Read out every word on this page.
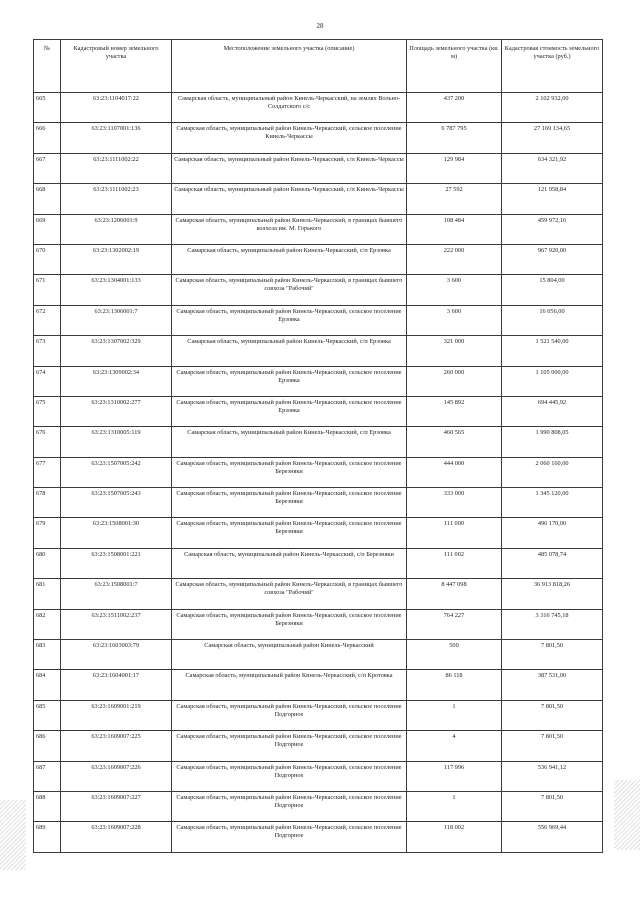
28
№	Кадастровый номер земельного участка	Местоположение земельного участка (описание)	Площадь земельного участка (кв. м)	Кадастровая стоимость земельного участка (руб.)
665	63:23:1104017:22	Самарская область, муниципальный район Кинель-Черкасский, на землях Вольно-Солдатского с/с	437 200	2 102 932,00
666	63:23:1107001:136	Самарская область, муниципальный район Кинель-Черкасский, сельское поселение Кинель-Черкассы	6 787 795	27 169 134,65
667	63:23:1111002:22	Самарская область, муниципальный район Кинель-Черкасский, с/п Кинель-Черкассы	129 984	634 321,92
668	63:23:1111002:23	Самарская область, муниципальный район Кинель-Черкасский, с/п Кинель-Черкассы	27 592	121 958,84
669	63:23:1206001:9	Самарская область, муниципальный район Кинель-Черкасский, в границах бывшего колхоза им. М. Горького	108 484	459 972,16
670	63:23:1302002:19	Самарская область, муниципальный район Кинель-Черкасский, с/п Ерзовка	222 000	967 920,00
671	63:23:1304001:133	Самарская область, муниципальный район Кинель-Черкасский, в границах бывшего совхоза "Рабочий"	3 600	15 804,00
672	63:23:1306001:7	Самарская область, муниципальный район Кинель-Черкасский, сельское поселение Ерзовка	3 600	16 056,00
673	63:23:1307002:329	Самарская область, муниципальный район Кинель-Черкасский, с/п Ерзовка	321 000	1 521 540,00
674	63:23:1309002:34	Самарская область, муниципальный район Кинель-Черкасский, сельское поселение Ерзовка	260 000	1 105 000,00
675	63:23:1310002:277	Самарская область, муниципальный район Кинель-Черкасский, сельское поселение Ерзовка	145 892	694 445,92
676	63:23:1310005:119	Самарская область, муниципальный район Кинель-Черкасский, с/п Ерзовка	460 565	1 990 808,05
677	63:23:1507005:242	Самарская область, муниципальный район Кинель-Черкасский, сельское поселение Березняки	444 000	2 060 160,00
678	63:23:1507005:243	Самарская область, муниципальный район Кинель-Черкасский, сельское поселение Березняки	333 000	1 345 120,00
679	63:23:1508001:30	Самарская область, муниципальный район Кинель-Черкасский, сельское поселение Березняки	111 000	496 170,00
680	63:23:1508001:221	Самарская область, муниципальный район Кинель-Черкасский, с/п Березняки	111 002	485 078,74
681	63:23:1508001:7	Самарская область, муниципальный район Кинель-Черкасский, в границах бывшего совхоза "Рабочий"	8 447 098	36 913 818,26
682	63:23:1511002:237	Самарская область, муниципальный район Кинель-Черкасский, сельское поселение Березняки	764 227	3 316 745,18
683	63:23:1603003:79	Самарская область, муниципальный район Кинель-Черкасский	500	7 801,50
684	63:23:1604001:17	Самарская область, муниципальный район Кинель-Черкасский, с/п Кротовка	86 118	387 531,00
685	63:23:1609001:219	Самарская область, муниципальный район Кинель-Черкасский, сельское поселение Подгорное	1	7 801,50
686	63:23:1609007:225	Самарская область, муниципальный район Кинель-Черкасский, сельское поселение Подгорное	4	7 801,50
687	63:23:1609007:226	Самарская область, муниципальный район Кинель-Черкасский, сельское поселение Подгорное	117 996	536 941,12
688	63:23:1609007:227	Самарская область, муниципальный район Кинель-Черкасский, сельское поселение Подгорное	1	7 801,50
689	63:23:1609007:228	Самарская область, муниципальный район Кинель-Черкасский, сельское поселение Подгорное	118 002	556 969,44
